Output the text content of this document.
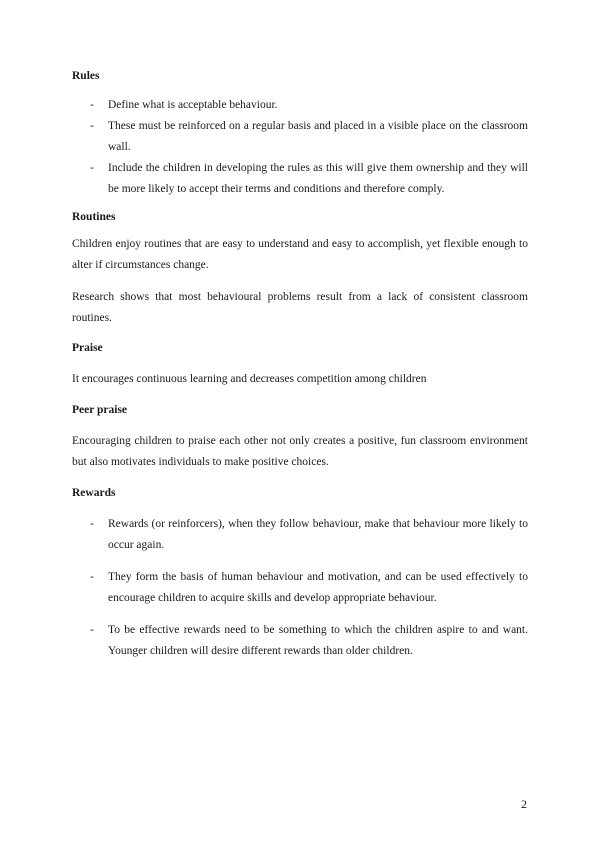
Rules
- Define what is acceptable behaviour.
- These must be reinforced on a regular basis and placed in a visible place on the classroom wall.
- Include the children in developing the rules as this will give them ownership and they will be more likely to accept their terms and conditions and therefore comply.
Routines

Children enjoy routines that are easy to understand and easy to accomplish, yet flexible enough to alter if circumstances change.

Research shows that most behavioural problems result from a lack of consistent classroom routines.

Praise

It encourages continuous learning and decreases competition among children

Peer praise

Encouraging children to praise each other not only creates a positive, fun classroom environment but also motivates individuals to make positive choices.

Rewards
- Rewards (or reinforcers), when they follow behaviour, make that behaviour more likely to occur again.
- They form the basis of human behaviour and motivation, and can be used effectively to encourage children to acquire skills and develop appropriate behaviour.
- To be effective rewards need to be something to which the children aspire to and want. Younger children will desire different rewards than older children.
2
